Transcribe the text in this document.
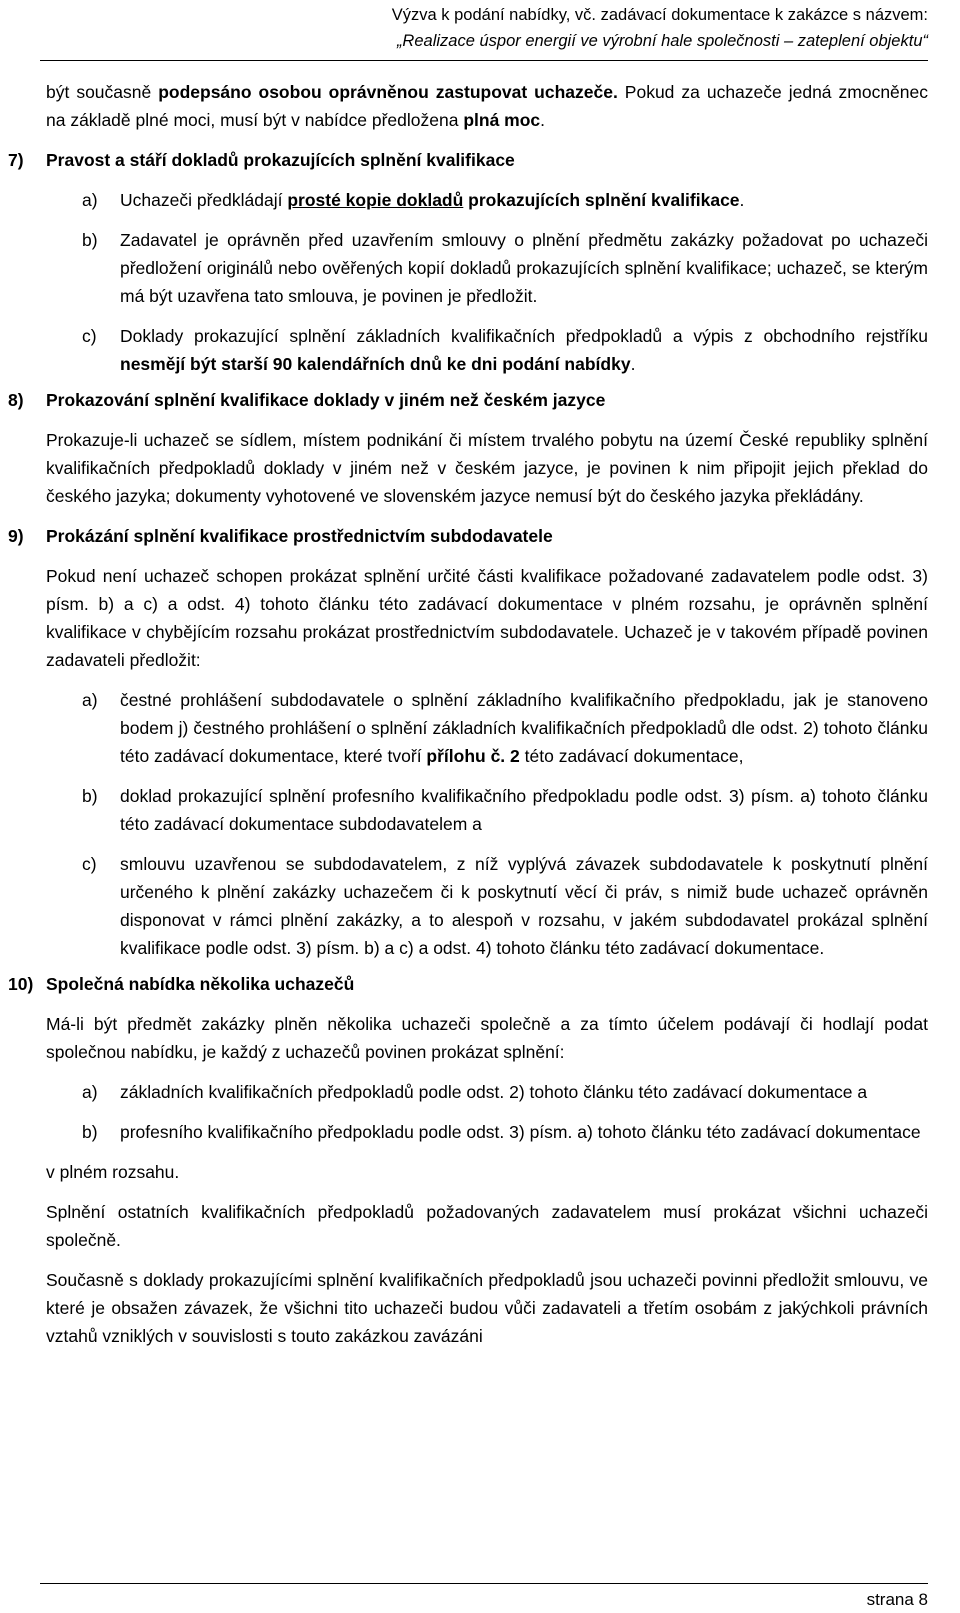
Výzva k podání nabídky, vč. zadávací dokumentace k zakázce s názvem:
„Realizace úspor energií ve výrobní hale společnosti – zateplení objektu“

být současně podepsáno osobou oprávněnou zastupovat uchazeče. Pokud za uchazeče jedná zmocněnec na základě plné moci, musí být v nabídce předložena plná moc.

7) Pravost a stáří dokladů prokazujících splnění kvalifikace
a) Uchazeči předkládají prosté kopie dokladů prokazujících splnění kvalifikace.

b) Zadavatel je oprávněn před uzavřením smlouvy o plnění předmětu zakázky požadovat po uchazeči předložení originálů nebo ověřených kopií dokladů prokazujících splnění kvalifikace; uchazeč, se kterým má být uzavřena tato smlouva, je povinen je předložit.

c) Doklady prokazující splnění základních kvalifikačních předpokladů a výpis z obchodního rejstříku nesmějí být starší 90 kalendářních dnů ke dni podání nabídky.

8) Prokazování splnění kvalifikace doklady v jiném než českém jazyce

Prokazuje-li uchazeč se sídlem, místem podnikání či místem trvalého pobytu na území České republiky splnění kvalifikačních předpokladů doklady v jiném než v českém jazyce, je povinen k nim připojit jejich překlad do českého jazyka; dokumenty vyhotovené ve slovenském jazyce nemusí být do českého jazyka překládány.

9) Prokázání splnění kvalifikace prostřednictvím subdodavatele

Pokud není uchazeč schopen prokázat splnění určité části kvalifikace požadované zadavatelem podle odst. 3) písm. b) a c) a odst. 4) tohoto článku této zadávací dokumentace v plném rozsahu, je oprávněn splnění kvalifikace v chybějícím rozsahu prokázat prostřednictvím subdodavatele. Uchazeč je v takovém případě povinen zadavateli předložit:

a) čestné prohlášení subdodavatele o splnění základního kvalifikačního předpokladu, jak je stanoveno bodem j) čestného prohlášení o splnění základních kvalifikačních předpokladů dle odst. 2) tohoto článku této zadávací dokumentace, které tvoří přílohu č. 2 této zadávací dokumentace,

b) doklad prokazující splnění profesního kvalifikačního předpokladu podle odst. 3) písm. a) tohoto článku této zadávací dokumentace subdodavatelem a

c) smlouvu uzavřenou se subdodavatelem, z níž vyplývá závazek subdodavatele k poskytnutí plnění určeného k plnění zakázky uchazečem či k poskytnutí věcí či práv, s nimiž bude uchazeč oprávněn disponovat v rámci plnění zakázky, a to alespoň v rozsahu, v jakém subdodavatel prokázal splnění kvalifikace podle odst. 3) písm. b) a c) a odst. 4) tohoto článku této zadávací dokumentace.

10) Společná nabídka několika uchazečů

Má-li být předmět zakázky plněn několika uchazeči společně a za tímto účelem podávají či hodlají podat společnou nabídku, je každý z uchazečů povinen prokázat splnění:

a) základních kvalifikačních předpokladů podle odst. 2) tohoto článku této zadávací dokumentace a

b) profesního kvalifikačního předpokladu podle odst. 3) písm. a) tohoto článku této zadávací dokumentace

v plném rozsahu.

Splnění ostatních kvalifikačních předpokladů požadovaných zadavatelem musí prokázat všichni uchazeči společně.

Současně s doklady prokazujícími splnění kvalifikačních předpokladů jsou uchazeči povinni předložit smlouvu, ve které je obsažen závazek, že všichni tito uchazeči budou vůči zadavateli a třetím osobám z jakýchkoli právních vztahů vzniklých v souvislosti s touto zakázkou zavázáni

strana 8
